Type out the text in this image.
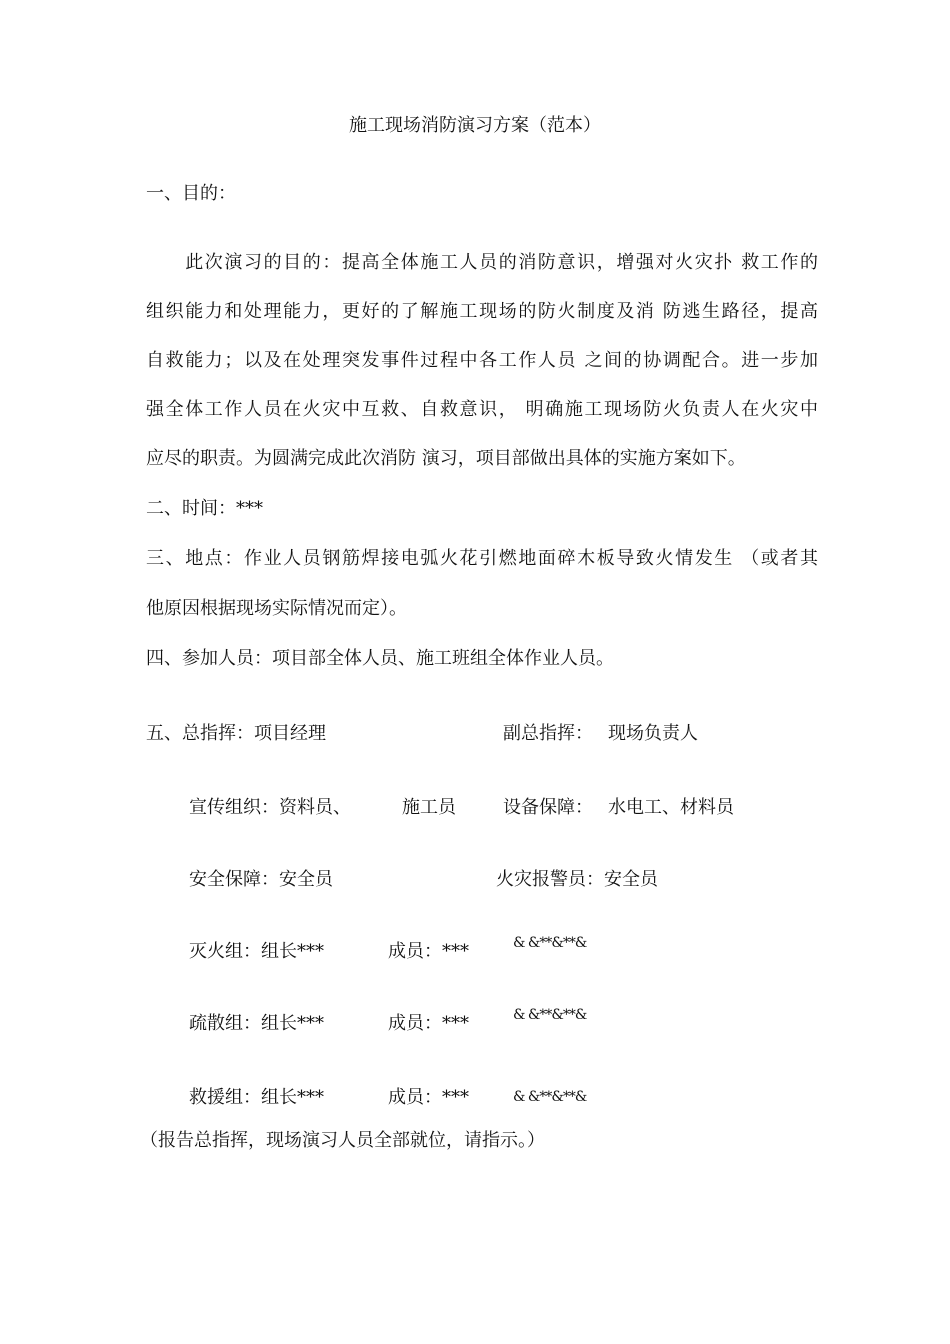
施工现场消防演习方案（范本）
一、目的：
　　此次演习的目的：提高全体施工人员的消防意识，增强对火灾扑 救工作的
组织能力和处理能力，更好的了解施工现场的防火制度及消 防逃生路径，提高
自救能力；以及在处理突发事件过程中各工作人员 之间的协调配合。进一步加
强全体工作人员在火灾中互救、自救意识， 明确施工现场防火负责人在火灾中
应尽的职责。为圆满完成此次消防 演习，项目部做出具体的实施方案如下。
二、时间：***
三、地点：作业人员钢筋焊接电弧火花引燃地面碎木板导致火情发生 （或者其
他原因根据现场实际情况而定）。
四、参加人员：项目部全体人员、施工班组全体作业人员。
五、总指挥：项目经理	副总指挥： 现场负责人
宣传组织：资料员、	施工员	设备保障： 水电工、材料员
安全保障：安全员	火灾报警员：安全员
灭火组：组长***	成员：***	& &**&**&
疏散组：组长***	成员：***	& &**&**&
救援组：组长***	成员：***	& &**&**&
（报告总指挥，现场演习人员全部就位，请指示。）
